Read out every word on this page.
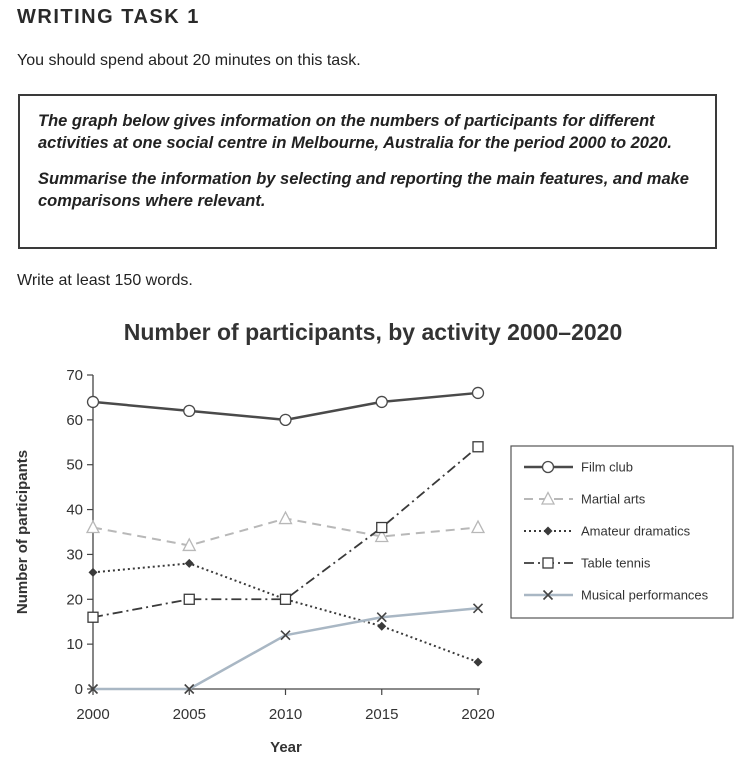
WRITING TASK 1
You should spend about 20 minutes on this task.

The graph below gives information on the numbers of participants for different activities at one social centre in Melbourne, Australia for the period 2000 to 2020.

Summarise the information by selecting and reporting the main features, and make comparisons where relevant.

Write at least 150 words.
Number of participants, by activity 2000–2020
Year
Number of participants
0
10
20
30
40
50
60
70
2000	2005	2010	2015	2020
Film club
Martial arts
Amateur dramatics
Table tennis
Musical performances
